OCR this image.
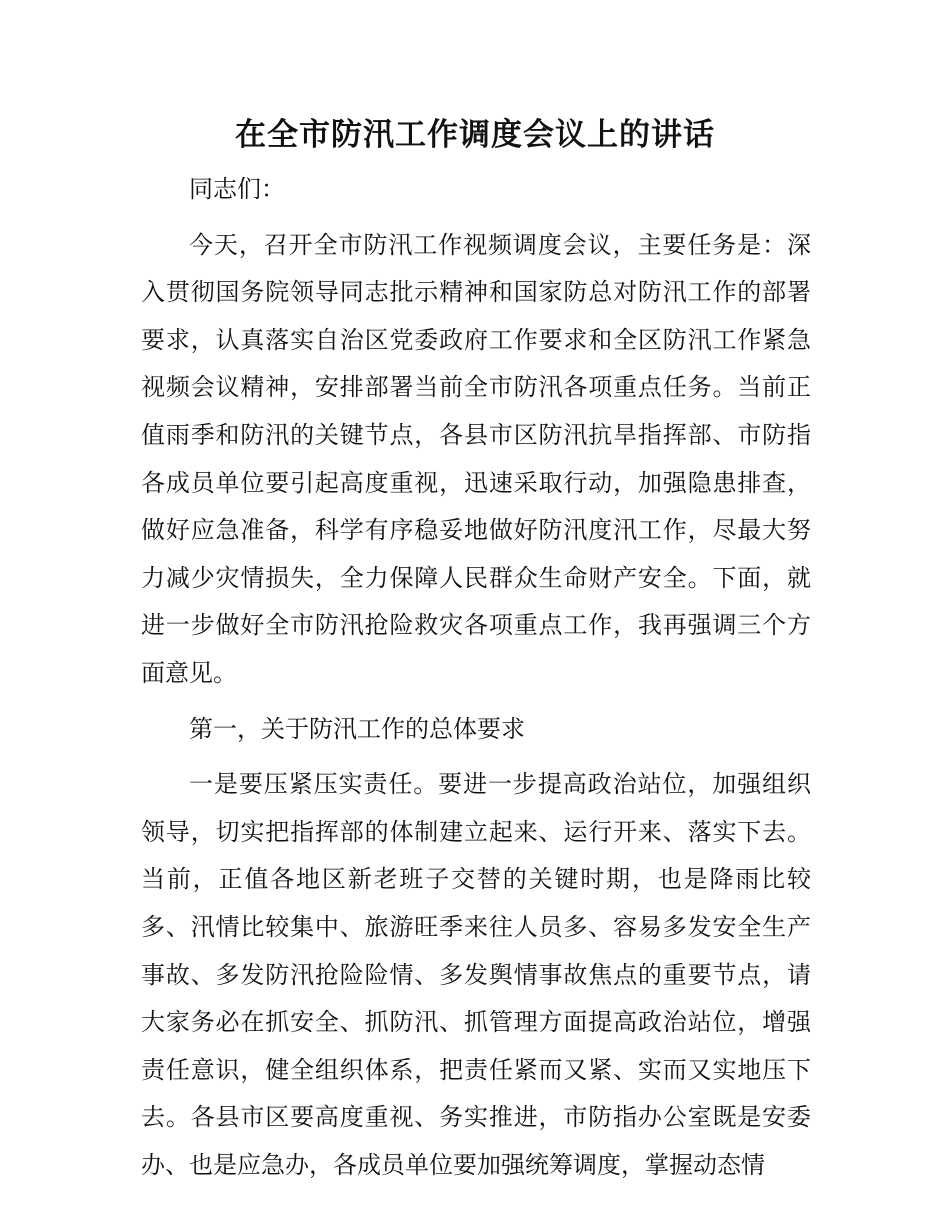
在全市防汛工作调度会议上的讲话

同志们：

今天，召开全市防汛工作视频调度会议，主要任务是：深入贯彻国务院领导同志批示精神和国家防总对防汛工作的部署要求，认真落实自治区党委政府工作要求和全区防汛工作紧急视频会议精神，安排部署当前全市防汛各项重点任务。当前正值雨季和防汛的关键节点，各县市区防汛抗旱指挥部、市防指各成员单位要引起高度重视，迅速采取行动，加强隐患排查，做好应急准备，科学有序稳妥地做好防汛度汛工作，尽最大努力减少灾情损失，全力保障人民群众生命财产安全。下面，就进一步做好全市防汛抢险救灾各项重点工作，我再强调三个方面意见。

第一，关于防汛工作的总体要求

一是要压紧压实责任。要进一步提高政治站位，加强组织领导，切实把指挥部的体制建立起来、运行开来、落实下去。当前，正值各地区新老班子交替的关键时期，也是降雨比较多、汛情比较集中、旅游旺季来往人员多、容易多发安全生产事故、多发防汛抢险险情、多发舆情事故焦点的重要节点，请大家务必在抓安全、抓防汛、抓管理方面提高政治站位，增强责任意识，健全组织体系，把责任紧而又紧、实而又实地压下去。各县市区要高度重视、务实推进，市防指办公室既是安委办、也是应急办，各成员单位要加强统筹调度，掌握动态情
